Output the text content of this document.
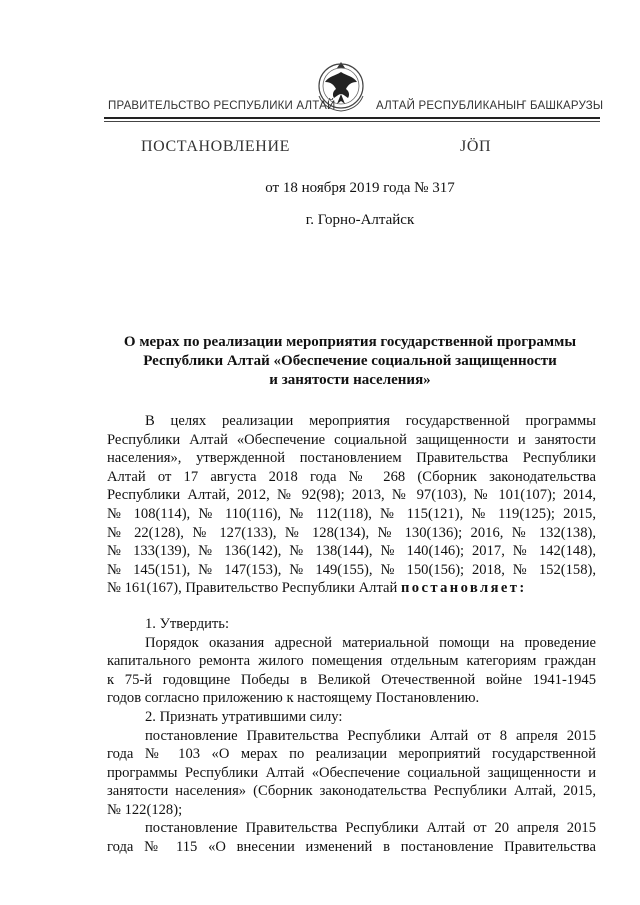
ПРАВИТЕЛЬСТВО РЕСПУБЛИКИ АЛТАЙ	АЛТАЙ РЕСПУБЛИКАНЫҤ БАШКАРУЗЫ
ПОСТАНОВЛЕНИЕ	ЈӦП
от 18 ноября 2019 года № 317
г. Горно-Алтайск
О мерах по реализации мероприятия государственной программы
Республики Алтай «Обеспечение социальной защищенности
и занятости населения»
В целях реализации мероприятия государственной программы
Республики Алтай «Обеспечение социальной защищенности и занятости
населения», утвержденной постановлением Правительства Республики
Алтай от 17 августа 2018 года № 268 (Сборник законодательства
Республики Алтай, 2012, № 92(98); 2013, № 97(103), № 101(107); 2014,
№ 108(114), № 110(116), № 112(118), № 115(121), № 119(125); 2015,
№ 22(128), № 127(133), № 128(134), № 130(136); 2016, № 132(138),
№ 133(139), № 136(142), № 138(144), № 140(146); 2017, № 142(148),
№ 145(151), № 147(153), № 149(155), № 150(156); 2018, № 152(158),
№ 161(167), Правительство Республики Алтай постановляет:
1. Утвердить:
Порядок оказания адресной материальной помощи на проведение
капитального ремонта жилого помещения отдельным категориям граждан
к 75-й годовщине Победы в Великой Отечественной войне 1941-1945
годов согласно приложению к настоящему Постановлению.
2. Признать утратившими силу:
постановление Правительства Республики Алтай от 8 апреля 2015
года № 103 «О мерах по реализации мероприятий государственной
программы Республики Алтай «Обеспечение социальной защищенности и
занятости населения» (Сборник законодательства Республики Алтай, 2015,
№ 122(128);
постановление Правительства Республики Алтай от 20 апреля 2015
года № 115 «О внесении изменений в постановление Правительства
